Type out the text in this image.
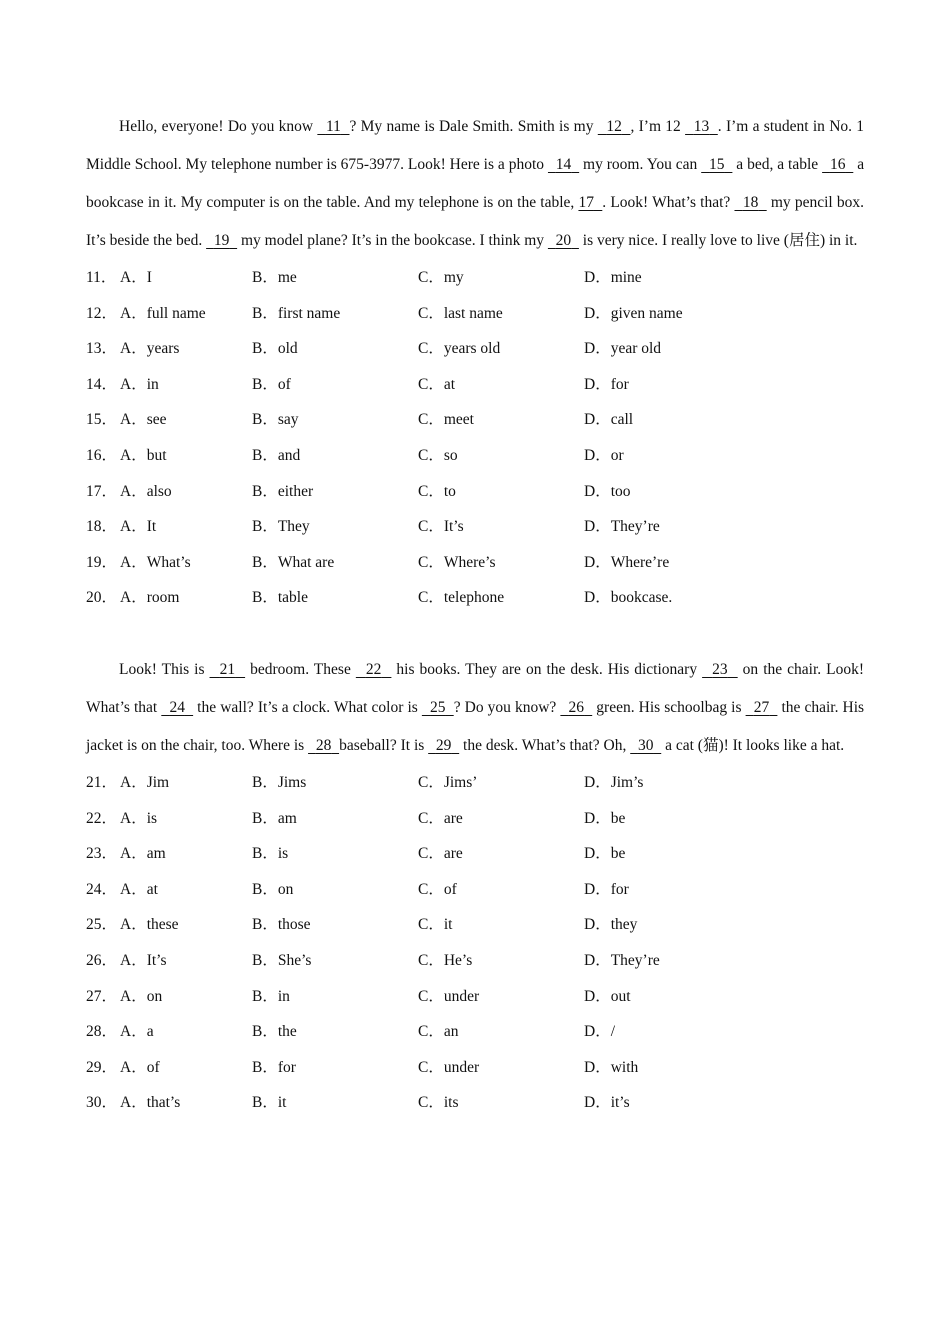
Hello, everyone! Do you know   11 ? My name is Dale Smith. Smith is my   12 , I’m 12   13 . I’m a student in No. 1 Middle School. My telephone number is 675-3977. Look! Here is a photo   14   my room. You can   15   a bed, a table   16   a bookcase in it. My computer is on the table. And my telephone is on the table, 17 . Look! What’s that?   18   my pencil box. It’s beside the bed.   19   my model plane? It’s in the bookcase. I think my   20   is very nice. I really love to live (居住) in it.

11． A．I	B．me	C．my	D．mine
12． A．full name	B．first name	C．last name	D．given name
13． A．years	B．old	C．years old	D．year old
14． A．in	B．of	C．at	D．for
15． A．see	B．say	C．meet	D．call
16． A．but	B．and	C．so	D．or
17． A．also	B．either	C．to	D．too
18． A．It	B．They	C．It’s	D．They’re
19． A．What’s	B．What are	C．Where’s	D．Where’re
20． A．room	B．table	C．telephone	D．bookcase.

Look! This is   21   bedroom. These   22   his books. They are on the desk. His dictionary   23   on the chair. Look! What’s that   24   the wall? It’s a clock. What color is   25 ? Do you know?   26   green. His schoolbag is   27   the chair. His jacket is on the chair, too. Where is   28 baseball? It is   29   the desk. What’s that? Oh,   30   a cat (猫)! It looks like a hat.

21． A．Jim	B．Jims	C．Jims’	D．Jim’s
22． A．is	B．am	C．are	D．be
23． A．am	B．is	C．are	D．be
24． A．at	B．on	C．of	D．for
25． A．these	B．those	C．it	D．they
26． A．It’s	B．She’s	C．He’s	D．They’re
27． A．on	B．in	C．under	D．out
28． A．a	B．the	C．an	D．/
29． A．of	B．for	C．under	D．with
30． A．that’s	B．it	C．its	D．it’s
